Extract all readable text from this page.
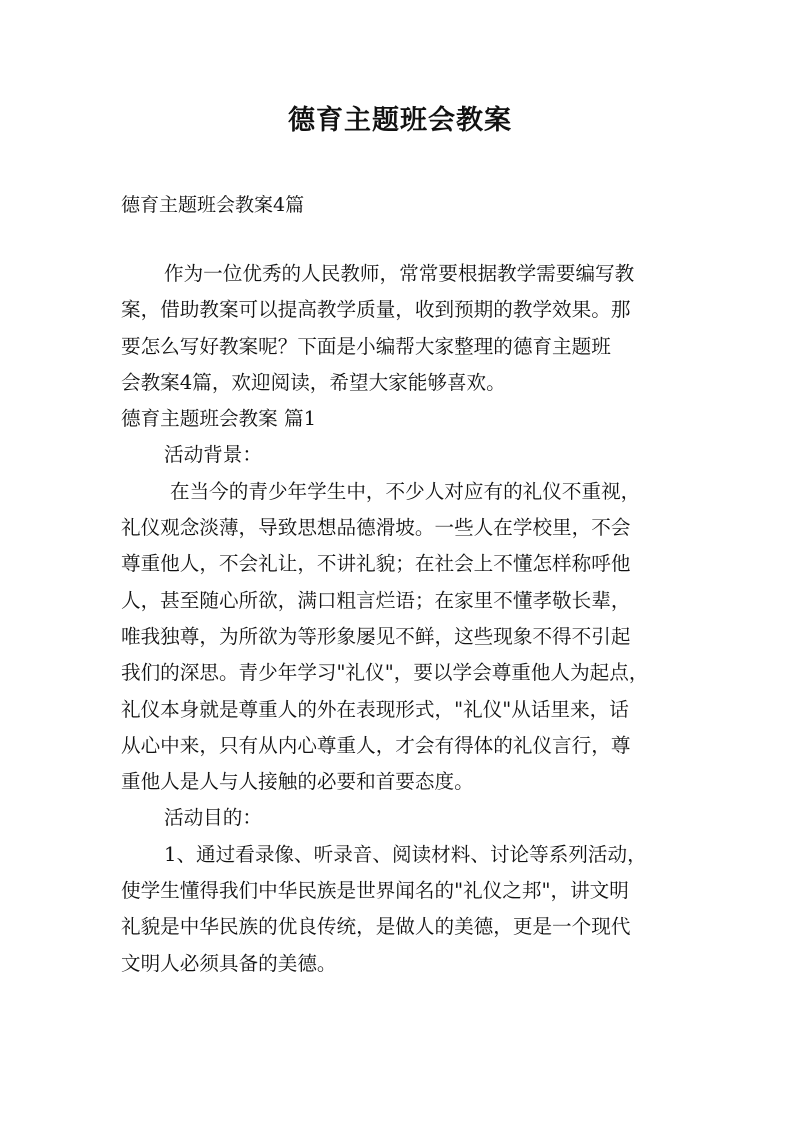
德育主题班会教案

德育主题班会教案4篇

作为一位优秀的人民教师，常常要根据教学需要编写教
案，借助教案可以提高教学质量，收到预期的教学效果。那
要怎么写好教案呢？下面是小编帮大家整理的德育主题班
会教案4篇，欢迎阅读，希望大家能够喜欢。
德育主题班会教案 篇1
活动背景：
在当今的青少年学生中，不少人对应有的礼仪不重视，
礼仪观念淡薄，导致思想品德滑坡。一些人在学校里，不会
尊重他人，不会礼让，不讲礼貌；在社会上不懂怎样称呼他
人，甚至随心所欲，满口粗言烂语；在家里不懂孝敬长辈，
唯我独尊，为所欲为等形象屡见不鲜，这些现象不得不引起
我们的深思。青少年学习"礼仪"，要以学会尊重他人为起点，
礼仪本身就是尊重人的外在表现形式，"礼仪"从话里来，话
从心中来，只有从内心尊重人，才会有得体的礼仪言行，尊
重他人是人与人接触的必要和首要态度。
活动目的：
1、通过看录像、听录音、阅读材料、讨论等系列活动，
使学生懂得我们中华民族是世界闻名的"礼仪之邦"，讲文明
礼貌是中华民族的优良传统，是做人的美德，更是一个现代
文明人必须具备的美德。
